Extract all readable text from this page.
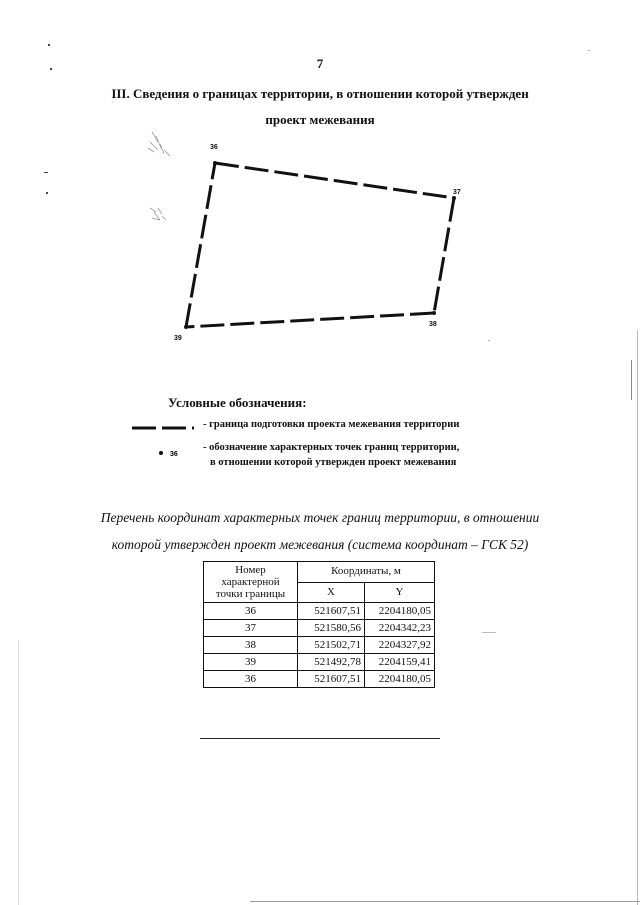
7
III. Сведения о границах территории, в отношении которой утвержден
проект межевания
36
37
38
39
Условные обозначения:
- граница подготовки проекта межевания территории
36
- обозначение характерных точек границ территории,
в отношении которой утвержден проект межевания
Перечень координат характерных точек границ территории, в отношении
которой утвержден проект межевания (система координат – ГСК 52)
Номер
характерной
точки границы	Координаты, м	
	X	Y
36	521607,51	2204180,05
37	521580,56	2204342,23
38	521502,71	2204327,92
39	521492,78	2204159,41
36	521607,51	2204180,05
